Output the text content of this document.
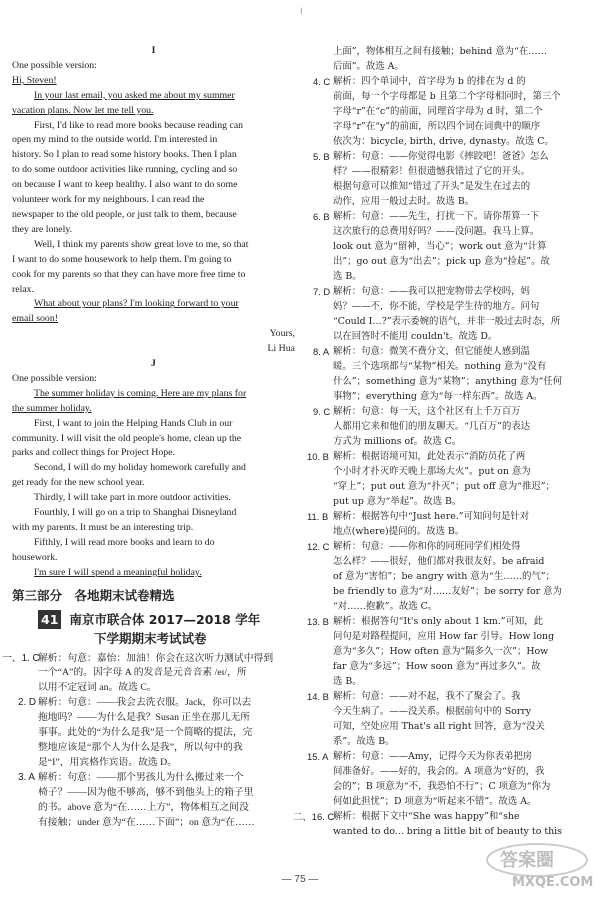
I
I
One possible version:
Hi, Steven!
In your last email, you asked me about my summer
vacation plans. Now let me tell you.
First, I'd like to read more books because reading can
open my mind to the outside world. I'm interested in
history. So I plan to read some history books. Then I plan
to do some outdoor activities like running, cycling and so
on because I want to keep healthy. I also want to do some
volunteer work for my neighbours. I can read the
newspaper to the old people, or just talk to them, because
they are lonely.
Well, I think my parents show great love to me, so that
I want to do some housework to help them. I'm going to
cook for my parents so that they can have more free time to
relax.
What about your plans? I'm looking forward to your
email soon!
Yours,
Li Hua
J
One possible version:
The summer holiday is coming. Here are my plans for
the summer holiday.
First, I want to join the Helping Hands Club in our
community. I will visit the old people's home, clean up the
parks and collect things for Project Hope.
Second, I will do my holiday homework carefully and
get ready for the new school year.
Thirdly, I will take part in more outdoor activities.
Fourthly, I will go on a trip to Shanghai Disneyland
with my parents. It must be an interesting trip.
Fifthly, I will read more books and learn to do
housework.
I'm sure I will spend a meaningful holiday.
第三部分　各地期末试卷精选
41 南京市联合体 2017—2018 学年
下学期期末考试试卷
一、1. C
解析：句意：嘉怡：加油！你会在这次听力测试中得到
一个“A”的。因字母 A 的发音是元音音素 /eɪ/，所
以用不定冠词 an。故选 C。
2. D 解析：句意：——我会去洗衣服。Jack，你可以去
拖地吗？——为什么是我？Susan 正坐在那儿无所
事事。此处的“为什么是我”是一个简略的提法，完
整地应该是“那个人为什么是我”，所以句中的我
是“I”，用宾格作宾语。故选 D。
3. A 解析：句意：——那个男孩儿为什么搬过来一个
椅子？——因为他不够高，够不到他头上的箱子里
的书。above 意为“在……上方”，物体相互之间没
有接触；under 意为“在……下面”；on 意为“在……
上面”，物体相互之间有接触；behind 意为“在……
后面”。故选 A。
4. C 解析：四个单词中，首字母为 b 的排在为 d 的
前面，每一个字母都是 b 且第二个字母相同时，第三个
字母“r”在“c”的前面，同理首字母为 d 时，第二个
字母“r”在“y”的前面，所以四个词在词典中的顺序
依次为：bicycle, birth, drive, dynasty。故选 C。
5. B 解析：句意：——你觉得电影《摔跤吧！爸爸》怎么
样？——很精彩！但很遗憾我错过了它的开头。
根据句意可以推知“错过了开头”是发生在过去的
动作，应用一般过去时。故选 B。
6. B 解析：句意：——先生，打扰一下。请你帮算一下
这次旅行的总费用好吗？——没问题。我马上算。
look out 意为“留神，当心”；work out 意为“计算
出”；go out 意为“出去”；pick up 意为“捡起”。故
选 B。
7. D 解析：句意：——我可以把宠物带去学校吗，妈
妈？——不，你不能，学校是学生待的地方。问句
“Could I…?”表示委婉的语气，并非一般过去时态，所
以在回答时不能用 couldn't。故选 D。
8. A 解析：句意：微笑不费分文，但它能使人感到温
暖。三个选项都与“某物”相关。nothing 意为“没有
什么”；something 意为“某物”；anything 意为“任何
事物”；everything 意为“每一样东西”。故选 A。
9. C 解析：句意：每一天，这个社区有上千万百万
人都用它来和他们的朋友聊天。“几百万”的表达
方式为 millions of。故选 C。
10. B 解析：根据语境可知，此处表示“消防员花了两
个小时才扑灭昨天晚上那场大火”。put on 意为
“穿上”；put out 意为“扑灭”；put off 意为“推迟”；
put up 意为“举起”。故选 B。
11. B 解析：根据答句中“Just here.”可知问句是针对
地点(where)提问的。故选 B。
12. C 解析：句意：——你和你的同班同学们相处得
怎么样？——很好，他们都对我很友好。be afraid
of 意为“害怕”；be angry with 意为“生……的气”；
be friendly to 意为“对……友好”；be sorry for 意为
“对……抱歉”。故选 C。
13. B 解析：根据答句“It's only about 1 km.”可知，此
问句是对路程提问，应用 How far 引导。How long
意为“多久”；How often 意为“隔多久一次”；How
far 意为“多远”；How soon 意为“再过多久”。故
选 B。
14. B 解析：句意：——对不起，我不了聚会了。我
今天生病了。——没关系。根据前句中的 Sorry
可知，空处应用 That's all right 回答，意为“没关
系”。故选 B。
15. A 解析：句意：——Amy，记得今天为你表弟把房
间准备好。——好的，我会的。A 项意为“好的，我
会的”；B 项意为“不，我恐怕不行”；C 项意为“你为
何如此担忧”；D 项意为“听起来不错”。故选 A。
二、16. C
解析：根据下文中“She was happy”和“she
wanted to do... bring a little bit of beauty to this
— 75 —
答案圈
MXQE.COM
